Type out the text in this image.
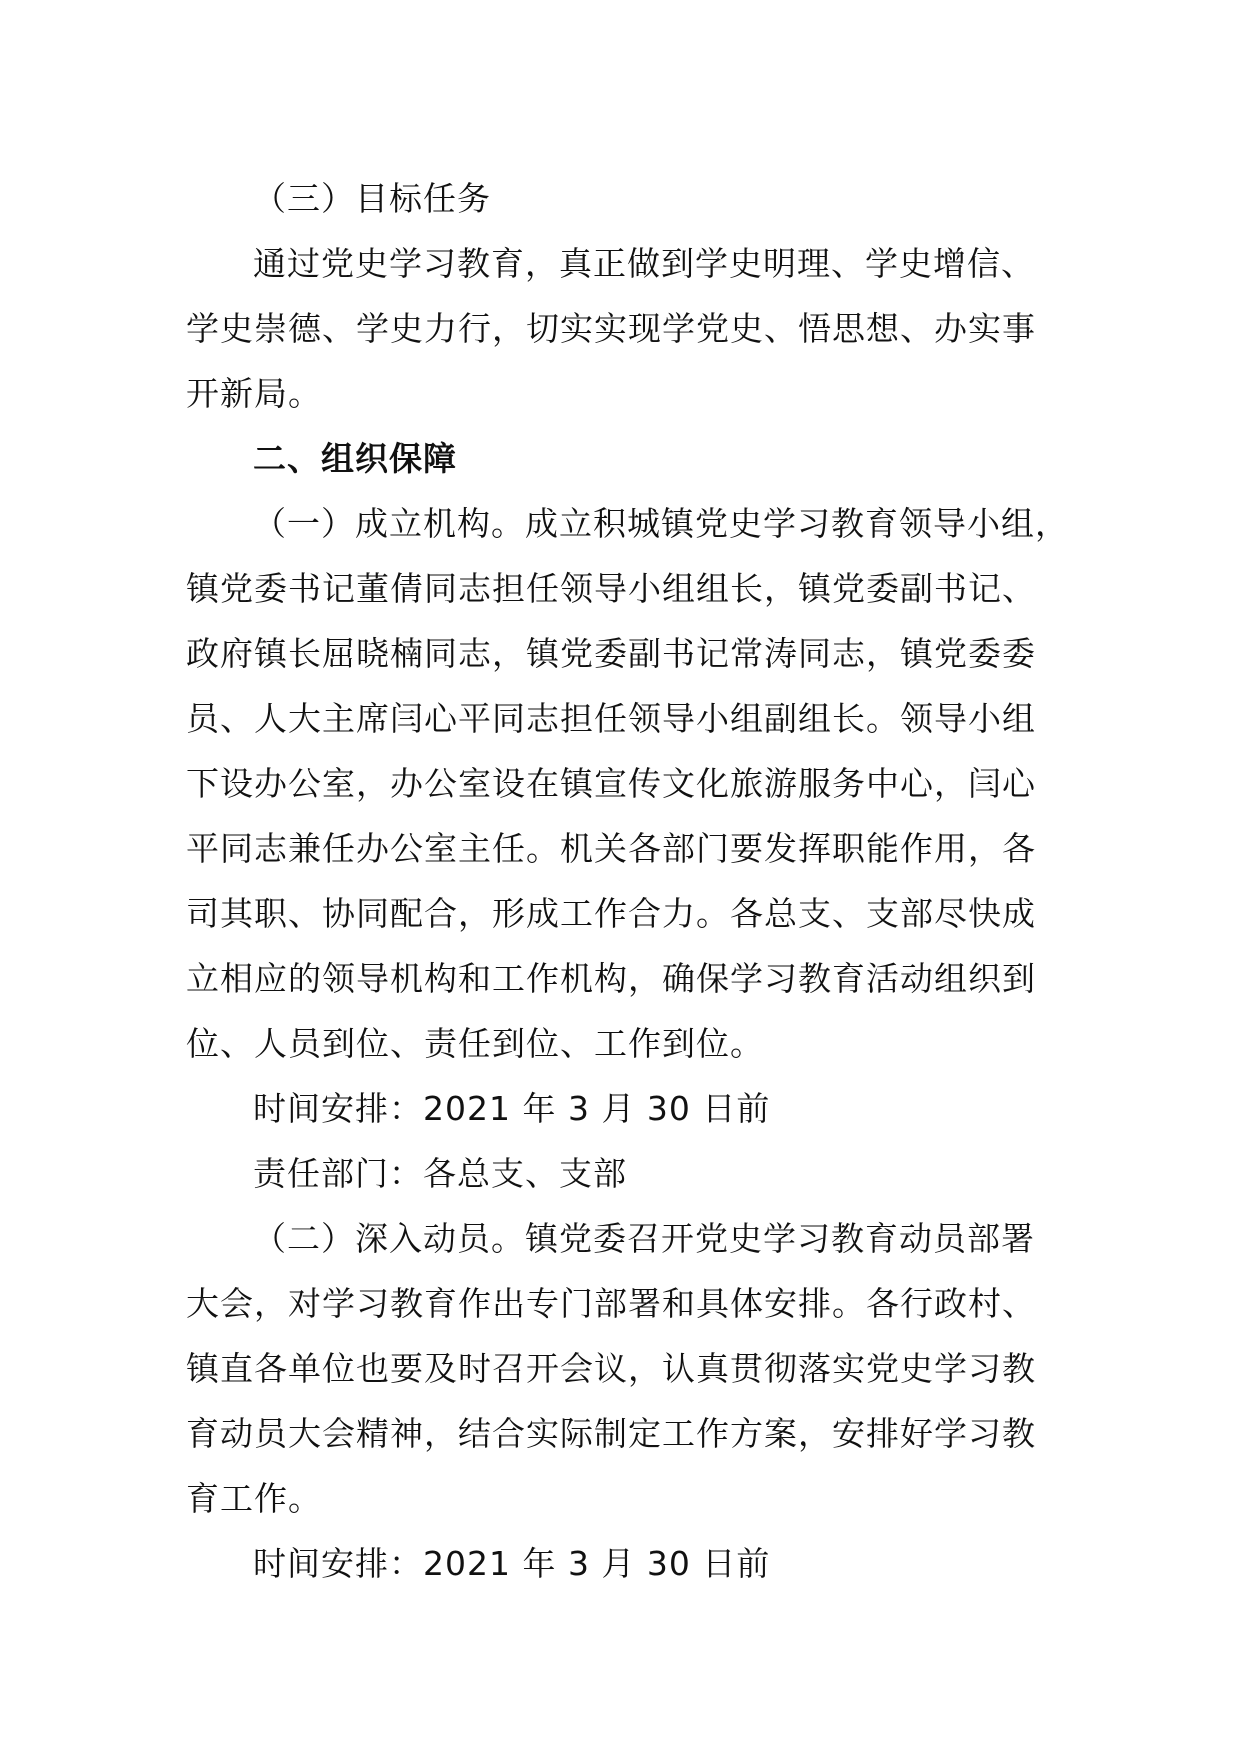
（三）目标任务
通过党史学习教育，真正做到学史明理、学史增信、
学史崇德、学史力行，切实实现学党史、悟思想、办实事
开新局。
二、组织保障
（一）成立机构。成立积城镇党史学习教育领导小组，
镇党委书记董倩同志担任领导小组组长，镇党委副书记、
政府镇长屈晓楠同志，镇党委副书记常涛同志，镇党委委
员、人大主席闫心平同志担任领导小组副组长。领导小组
下设办公室，办公室设在镇宣传文化旅游服务中心，闫心
平同志兼任办公室主任。机关各部门要发挥职能作用，各
司其职、协同配合，形成工作合力。各总支、支部尽快成
立相应的领导机构和工作机构，确保学习教育活动组织到
位、人员到位、责任到位、工作到位。
时间安排：2021 年 3 月 30 日前
责任部门：各总支、支部
（二）深入动员。镇党委召开党史学习教育动员部署
大会，对学习教育作出专门部署和具体安排。各行政村、
镇直各单位也要及时召开会议，认真贯彻落实党史学习教
育动员大会精神，结合实际制定工作方案，安排好学习教
育工作。
时间安排：2021 年 3 月 30 日前
